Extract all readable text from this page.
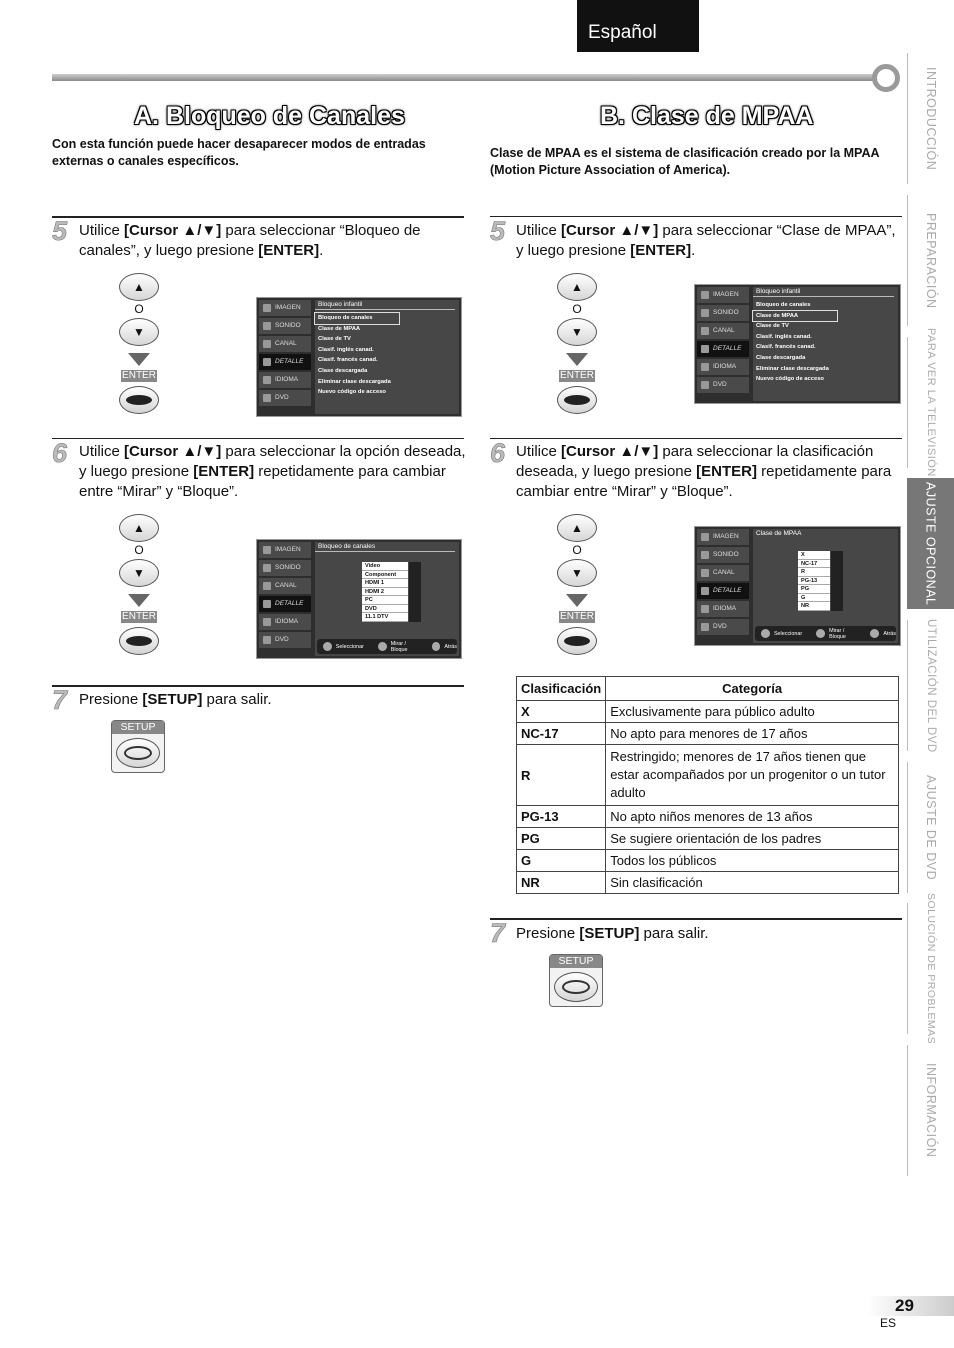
Español
A. Bloqueo de Canales
Con esta función puede hacer desaparecer modos de entradas externas o canales específicos.
5 Utilice [Cursor ▲/▼] para seleccionar “Bloqueo de canales”, y luego presione [ENTER].
▲
O
▼
ENTER
IMAGEN
SONIDO
CANAL
DETALLE
IDIOMA
DVD
Bloqueo infantil
Bloqueo de canales
Clase de MPAA
Clase de TV
Clasif. inglés canad.
Clasif. francés canad.
Clase descargada
Eliminar clase descargada
Nuevo código de acceso
6 Utilice [Cursor ▲/▼] para seleccionar la opción deseada, y luego presione [ENTER] repetidamente para cambiar entre “Mirar” y “Bloque”.
▲
O
▼
ENTER
IMAGEN
SONIDO
CANAL
DETALLE
IDIOMA
DVD
Bloqueo de canales
Video
Component
HDMI 1
HDMI 2
PC
DVD
11.1 DTV
Seleccionar	Mirar / Bloque	Atrás
7 Presione [SETUP] para salir.
SETUP
B. Clase de MPAA
Clase de MPAA es el sistema de clasificación creado por la MPAA (Motion Picture Association of America).
5 Utilice [Cursor ▲/▼] para seleccionar “Clase de MPAA”, y luego presione [ENTER].
▲
O
▼
ENTER
IMAGEN
SONIDO
CANAL
DETALLE
IDIOMA
DVD
Bloqueo infantil
Bloqueo de canales
Clase de MPAA
Clase de TV
Clasif. inglés canad.
Clasif. francés canad.
Clase descargada
Eliminar clase descargada
Nuevo código de acceso
6 Utilice [Cursor ▲/▼] para seleccionar la clasificación deseada, y luego presione [ENTER] repetidamente para cambiar entre “Mirar” y “Bloque”.
▲
O
▼
ENTER
IMAGEN
SONIDO
CANAL
DETALLE
IDIOMA
DVD
Clase de MPAA
X
NC-17
R
PG-13
PG
G
NR
Seleccionar	Mirar / Bloque	Atrás
Clasificación	Categoría
X	Exclusivamente para público adulto
NC-17	No apto para menores de 17 años
R	Restringido; menores de 17 años tienen que estar acompañados por un progenitor o un tutor adulto
PG-13	No apto niños menores de 13 años
PG	Se sugiere orientación de los padres
G	Todos los públicos
NR	Sin clasificación
7 Presione [SETUP] para salir.
SETUP
INTRODUCCIÓN
PREPARACIÓN
PARA VER LA TELEVISIÓN
AJUSTE OPCIONAL
UTILIZACIÓN DEL DVD
AJUSTE DE DVD
SOLUCIÓN DE PROBLEMAS
INFORMACIÓN
29
ES
